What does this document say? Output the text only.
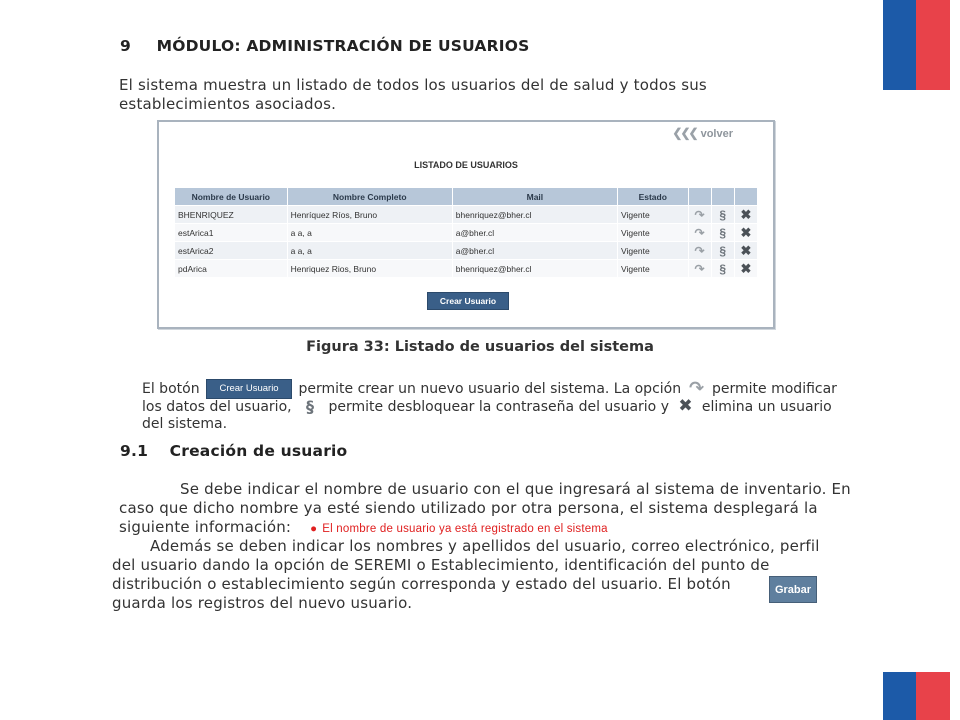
9 MÓDULO: ADMINISTRACIÓN DE USUARIOS
El sistema muestra un listado de todos los usuarios del de salud y todos sus
establecimientos asociados.
❮❮❮ volver
LISTADO DE USUARIOS
Nombre de Usuario	Nombre Completo	Mail	Estado			
BHENRIQUEZ	Henríquez Ríos, Bruno	bhenriquez@bher.cl	Vigente	↷	§	✖
estArica1	a a, a	a@bher.cl	Vigente	↷	§	✖
estArica2	a a, a	a@bher.cl	Vigente	↷	§	✖
pdArica	Henriquez Rios, Bruno	bhenriquez@bher.cl	Vigente	↷	§	✖
Crear Usuario
Figura 33: Listado de usuarios del sistema
El botón Crear Usuario permite crear un nuevo usuario del sistema. La opción ↷ permite modificar
los datos del usuario, § permite desbloquear la contraseña del usuario y ✖ elimina un usuario
del sistema.
9.1 Creación de usuario
Se debe indicar el nombre de usuario con el que ingresará al sistema de inventario. En
caso que dicho nombre ya esté siendo utilizado por otra persona, el sistema desplegará la
siguiente información: ● El nombre de usuario ya está registrado en el sistema
Además se deben indicar los nombres y apellidos del usuario, correo electrónico, perfil
del usuario dando la opción de SEREMI o Establecimiento, identificación del punto de
distribución o establecimiento según corresponda y estado del usuario. El botón
guarda los registros del nuevo usuario.
Grabar
